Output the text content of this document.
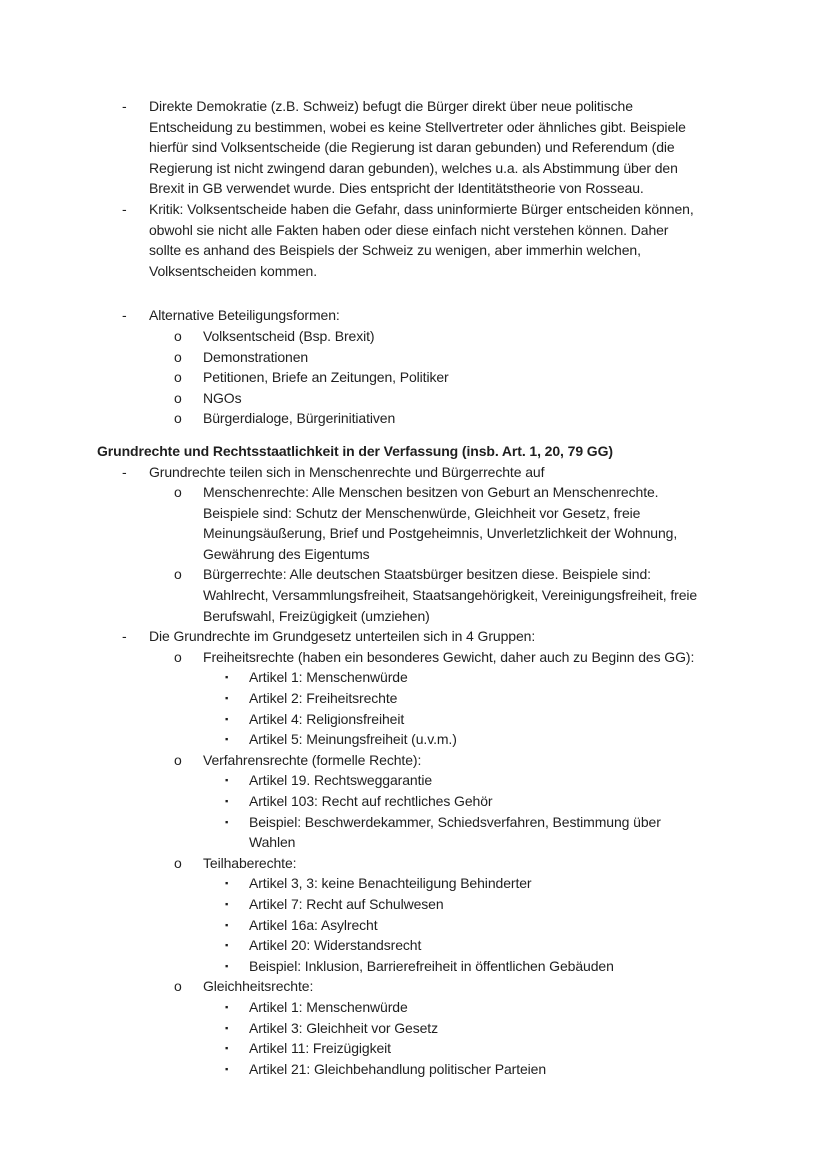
- Direkte Demokratie (z.B. Schweiz) befugt die Bürger direkt über neue politische
Entscheidung zu bestimmen, wobei es keine Stellvertreter oder ähnliches gibt. Beispiele
hierfür sind Volksentscheide (die Regierung ist daran gebunden) und Referendum (die
Regierung ist nicht zwingend daran gebunden), welches u.a. als Abstimmung über den
Brexit in GB verwendet wurde. Dies entspricht der Identitätstheorie von Rosseau.
- Kritik: Volksentscheide haben die Gefahr, dass uninformierte Bürger entscheiden können,
obwohl sie nicht alle Fakten haben oder diese einfach nicht verstehen können. Daher
sollte es anhand des Beispiels der Schweiz zu wenigen, aber immerhin welchen,
Volksentscheiden kommen.
- Alternative Beteiligungsformen:
o Volksentscheid (Bsp. Brexit)
o Demonstrationen
o Petitionen, Briefe an Zeitungen, Politiker
o NGOs
o Bürgerdialoge, Bürgerinitiativen
Grundrechte und Rechtsstaatlichkeit in der Verfassung (insb. Art. 1, 20, 79 GG)
- Grundrechte teilen sich in Menschenrechte und Bürgerrechte auf
o Menschenrechte: Alle Menschen besitzen von Geburt an Menschenrechte.
Beispiele sind: Schutz der Menschenwürde, Gleichheit vor Gesetz, freie
Meinungsäußerung, Brief und Postgeheimnis, Unverletzlichkeit der Wohnung,
Gewährung des Eigentums
o Bürgerrechte: Alle deutschen Staatsbürger besitzen diese. Beispiele sind:
Wahlrecht, Versammlungsfreiheit, Staatsangehörigkeit, Vereinigungsfreiheit, freie
Berufswahl, Freizügigkeit (umziehen)
- Die Grundrechte im Grundgesetz unterteilen sich in 4 Gruppen:
o Freiheitsrechte (haben ein besonderes Gewicht, daher auch zu Beginn des GG):
▪ Artikel 1: Menschenwürde
▪ Artikel 2: Freiheitsrechte
▪ Artikel 4: Religionsfreiheit
▪ Artikel 5: Meinungsfreiheit (u.v.m.)
o Verfahrensrechte (formelle Rechte):
▪ Artikel 19. Rechtsweggarantie
▪ Artikel 103: Recht auf rechtliches Gehör
▪ Beispiel: Beschwerdekammer, Schiedsverfahren, Bestimmung über
Wahlen
o Teilhaberechte:
▪ Artikel 3, 3: keine Benachteiligung Behinderter
▪ Artikel 7: Recht auf Schulwesen
▪ Artikel 16a: Asylrecht
▪ Artikel 20: Widerstandsrecht
▪ Beispiel: Inklusion, Barrierefreiheit in öffentlichen Gebäuden
o Gleichheitsrechte:
▪ Artikel 1: Menschenwürde
▪ Artikel 3: Gleichheit vor Gesetz
▪ Artikel 11: Freizügigkeit
▪ Artikel 21: Gleichbehandlung politischer Parteien
